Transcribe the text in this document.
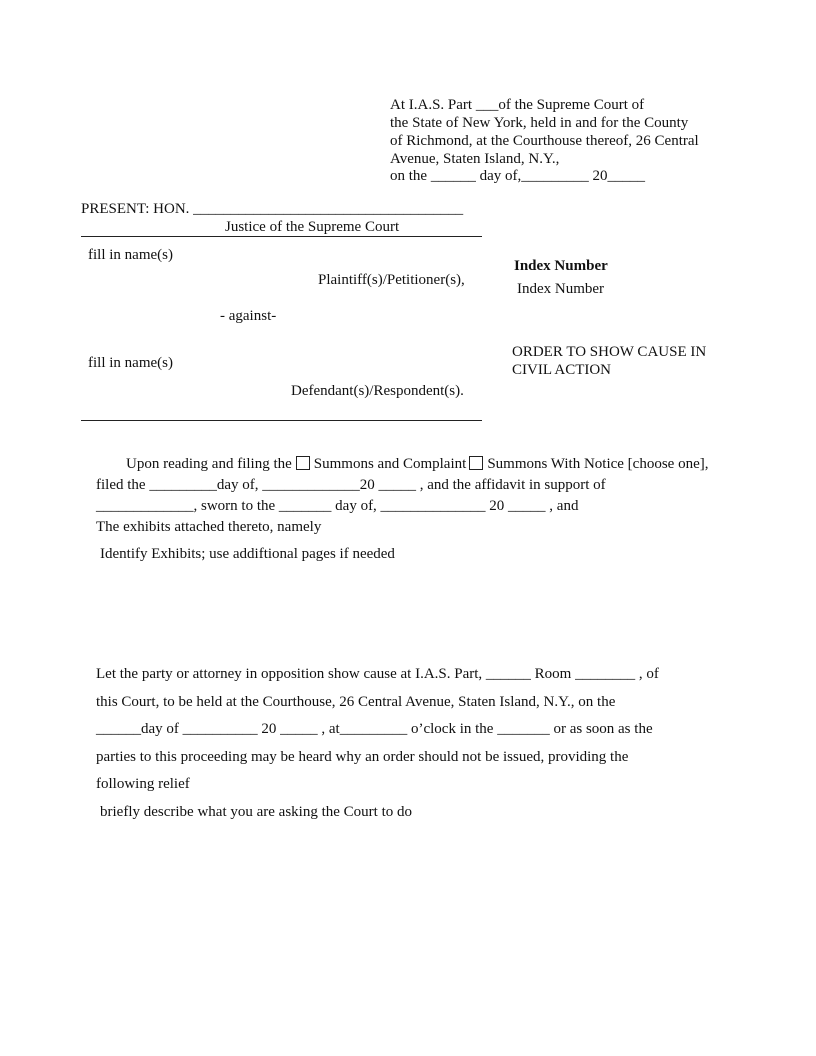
At I.A.S. Part ___of the Supreme Court of
the State of New York, held in and for the County
of Richmond, at the Courthouse thereof, 26 Central
Avenue, Staten Island, N.Y.,
on the ______ day of,_________ 20_____
PRESENT: HON. ____________________________________
Justice of the Supreme Court
fill in name(s)
Plaintiff(s)/Petitioner(s),
- against-
fill in name(s)
Defendant(s)/Respondent(s).
Index Number
Index Number
ORDER TO SHOW CAUSE IN
CIVIL ACTION
Upon reading and filing the Summons and Complaint Summons With Notice [choose one],
filed the _________day of, _____________20 _____ , and the affidavit in support of
_____________, sworn to the _______ day of, ______________ 20 _____ , and
The exhibits attached thereto, namely
Identify Exhibits; use addiftional pages if needed
Let the party or attorney in opposition show cause at I.A.S. Part, ______ Room ________ , of
this Court, to be held at the Courthouse, 26 Central Avenue, Staten Island, N.Y., on the
______day of __________ 20 _____ , at_________ o’clock in the _______ or as soon as the
parties to this proceeding may be heard why an order should not be issued, providing the
following relief
briefly describe what you are asking the Court to do
